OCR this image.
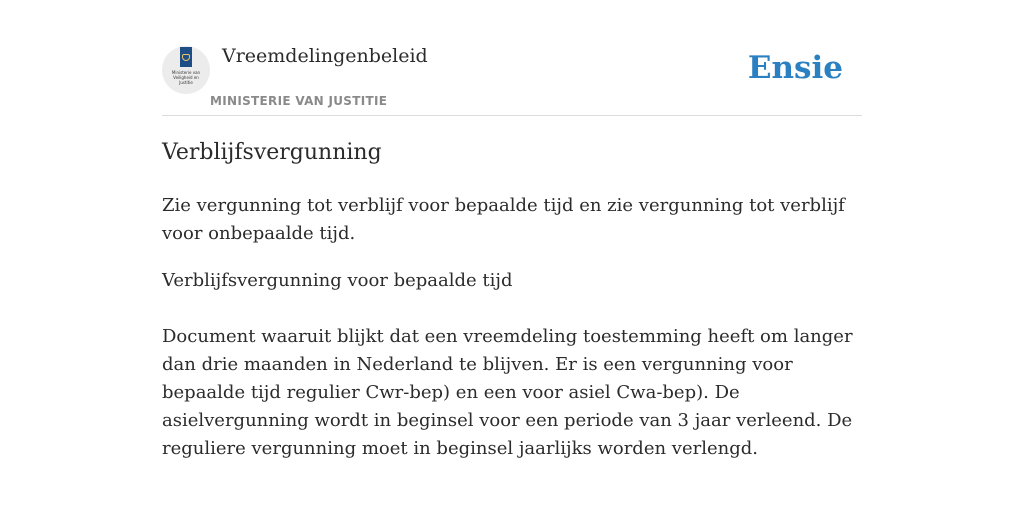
Ministerie van
Veiligheid en
Justitie
Vreemdelingenbeleid
MINISTERIE VAN JUSTITIE
Ensie
Verblijfsvergunning

Zie vergunning tot verblijf voor bepaalde tijd en zie vergunning tot verblijf voor onbepaalde tijd.

Verblijfsvergunning voor bepaalde tijd

Document waaruit blijkt dat een vreemdeling toestemming heeft om langer dan drie maanden in Nederland te blijven. Er is een vergunning voor bepaalde tijd regulier Cwr-bep) en een voor asiel Cwa-bep). De asielvergunning wordt in beginsel voor een periode van 3 jaar verleend. De reguliere vergunning moet in beginsel jaarlijks worden verlengd.
